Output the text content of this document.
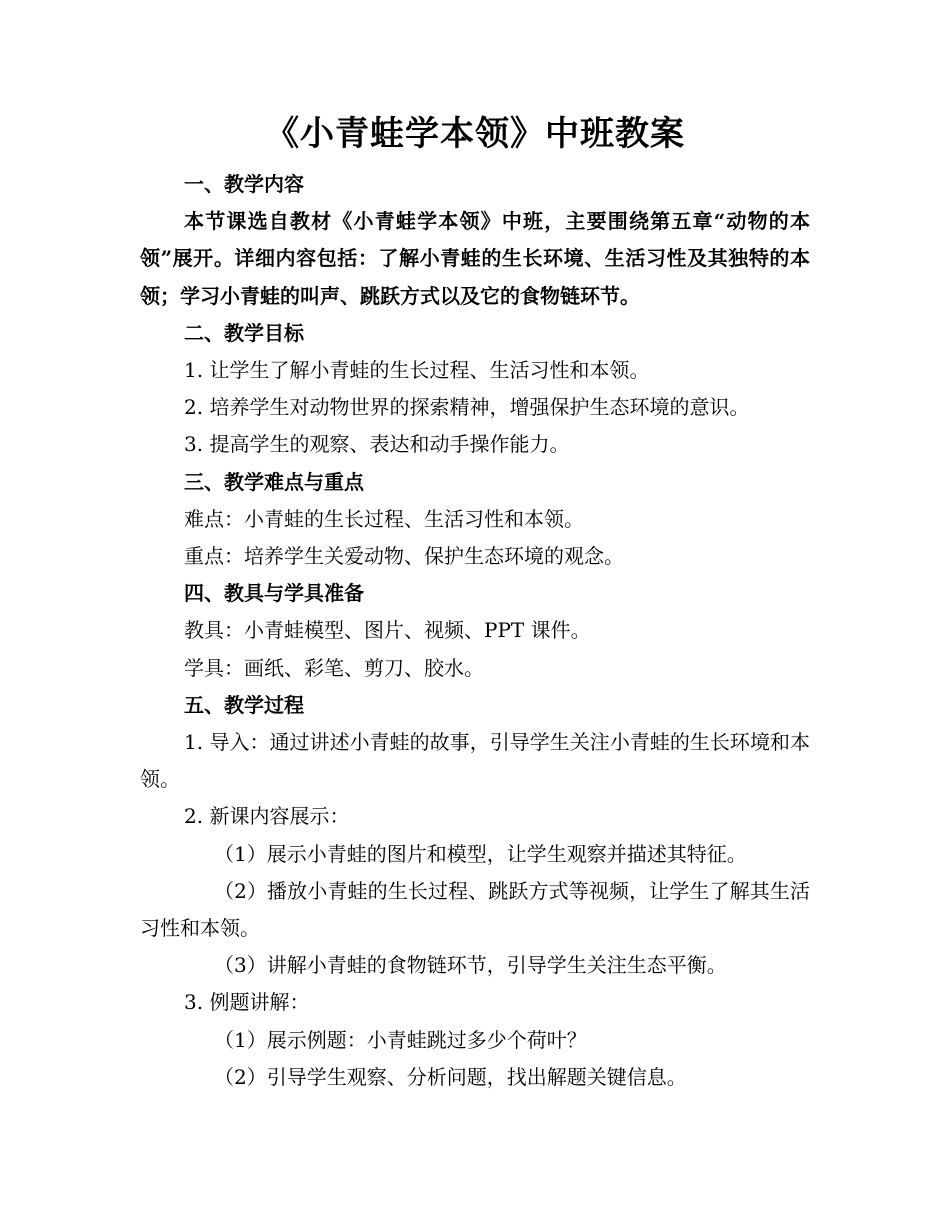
《小青蛙学本领》中班教案

一、教学内容

本节课选自教材《小青蛙学本领》中班，主要围绕第五章“动物的本领”展开。详细内容包括：了解小青蛙的生长环境、生活习性及其独特的本领；学习小青蛙的叫声、跳跃方式以及它的食物链环节。

二、教学目标

1. 让学生了解小青蛙的生长过程、生活习性和本领。

2. 培养学生对动物世界的探索精神，增强保护生态环境的意识。

3. 提高学生的观察、表达和动手操作能力。

三、教学难点与重点

难点：小青蛙的生长过程、生活习性和本领。

重点：培养学生关爱动物、保护生态环境的观念。

四、教具与学具准备

教具：小青蛙模型、图片、视频、PPT 课件。

学具：画纸、彩笔、剪刀、胶水。

五、教学过程

1. 导入：通过讲述小青蛙的故事，引导学生关注小青蛙的生长环境和本领。

2. 新课内容展示：

（1）展示小青蛙的图片和模型，让学生观察并描述其特征。

（2）播放小青蛙的生长过程、跳跃方式等视频，让学生了解其生活习性和本领。

（3）讲解小青蛙的食物链环节，引导学生关注生态平衡。

3. 例题讲解：

（1）展示例题：小青蛙跳过多少个荷叶？

（2）引导学生观察、分析问题，找出解题关键信息。
